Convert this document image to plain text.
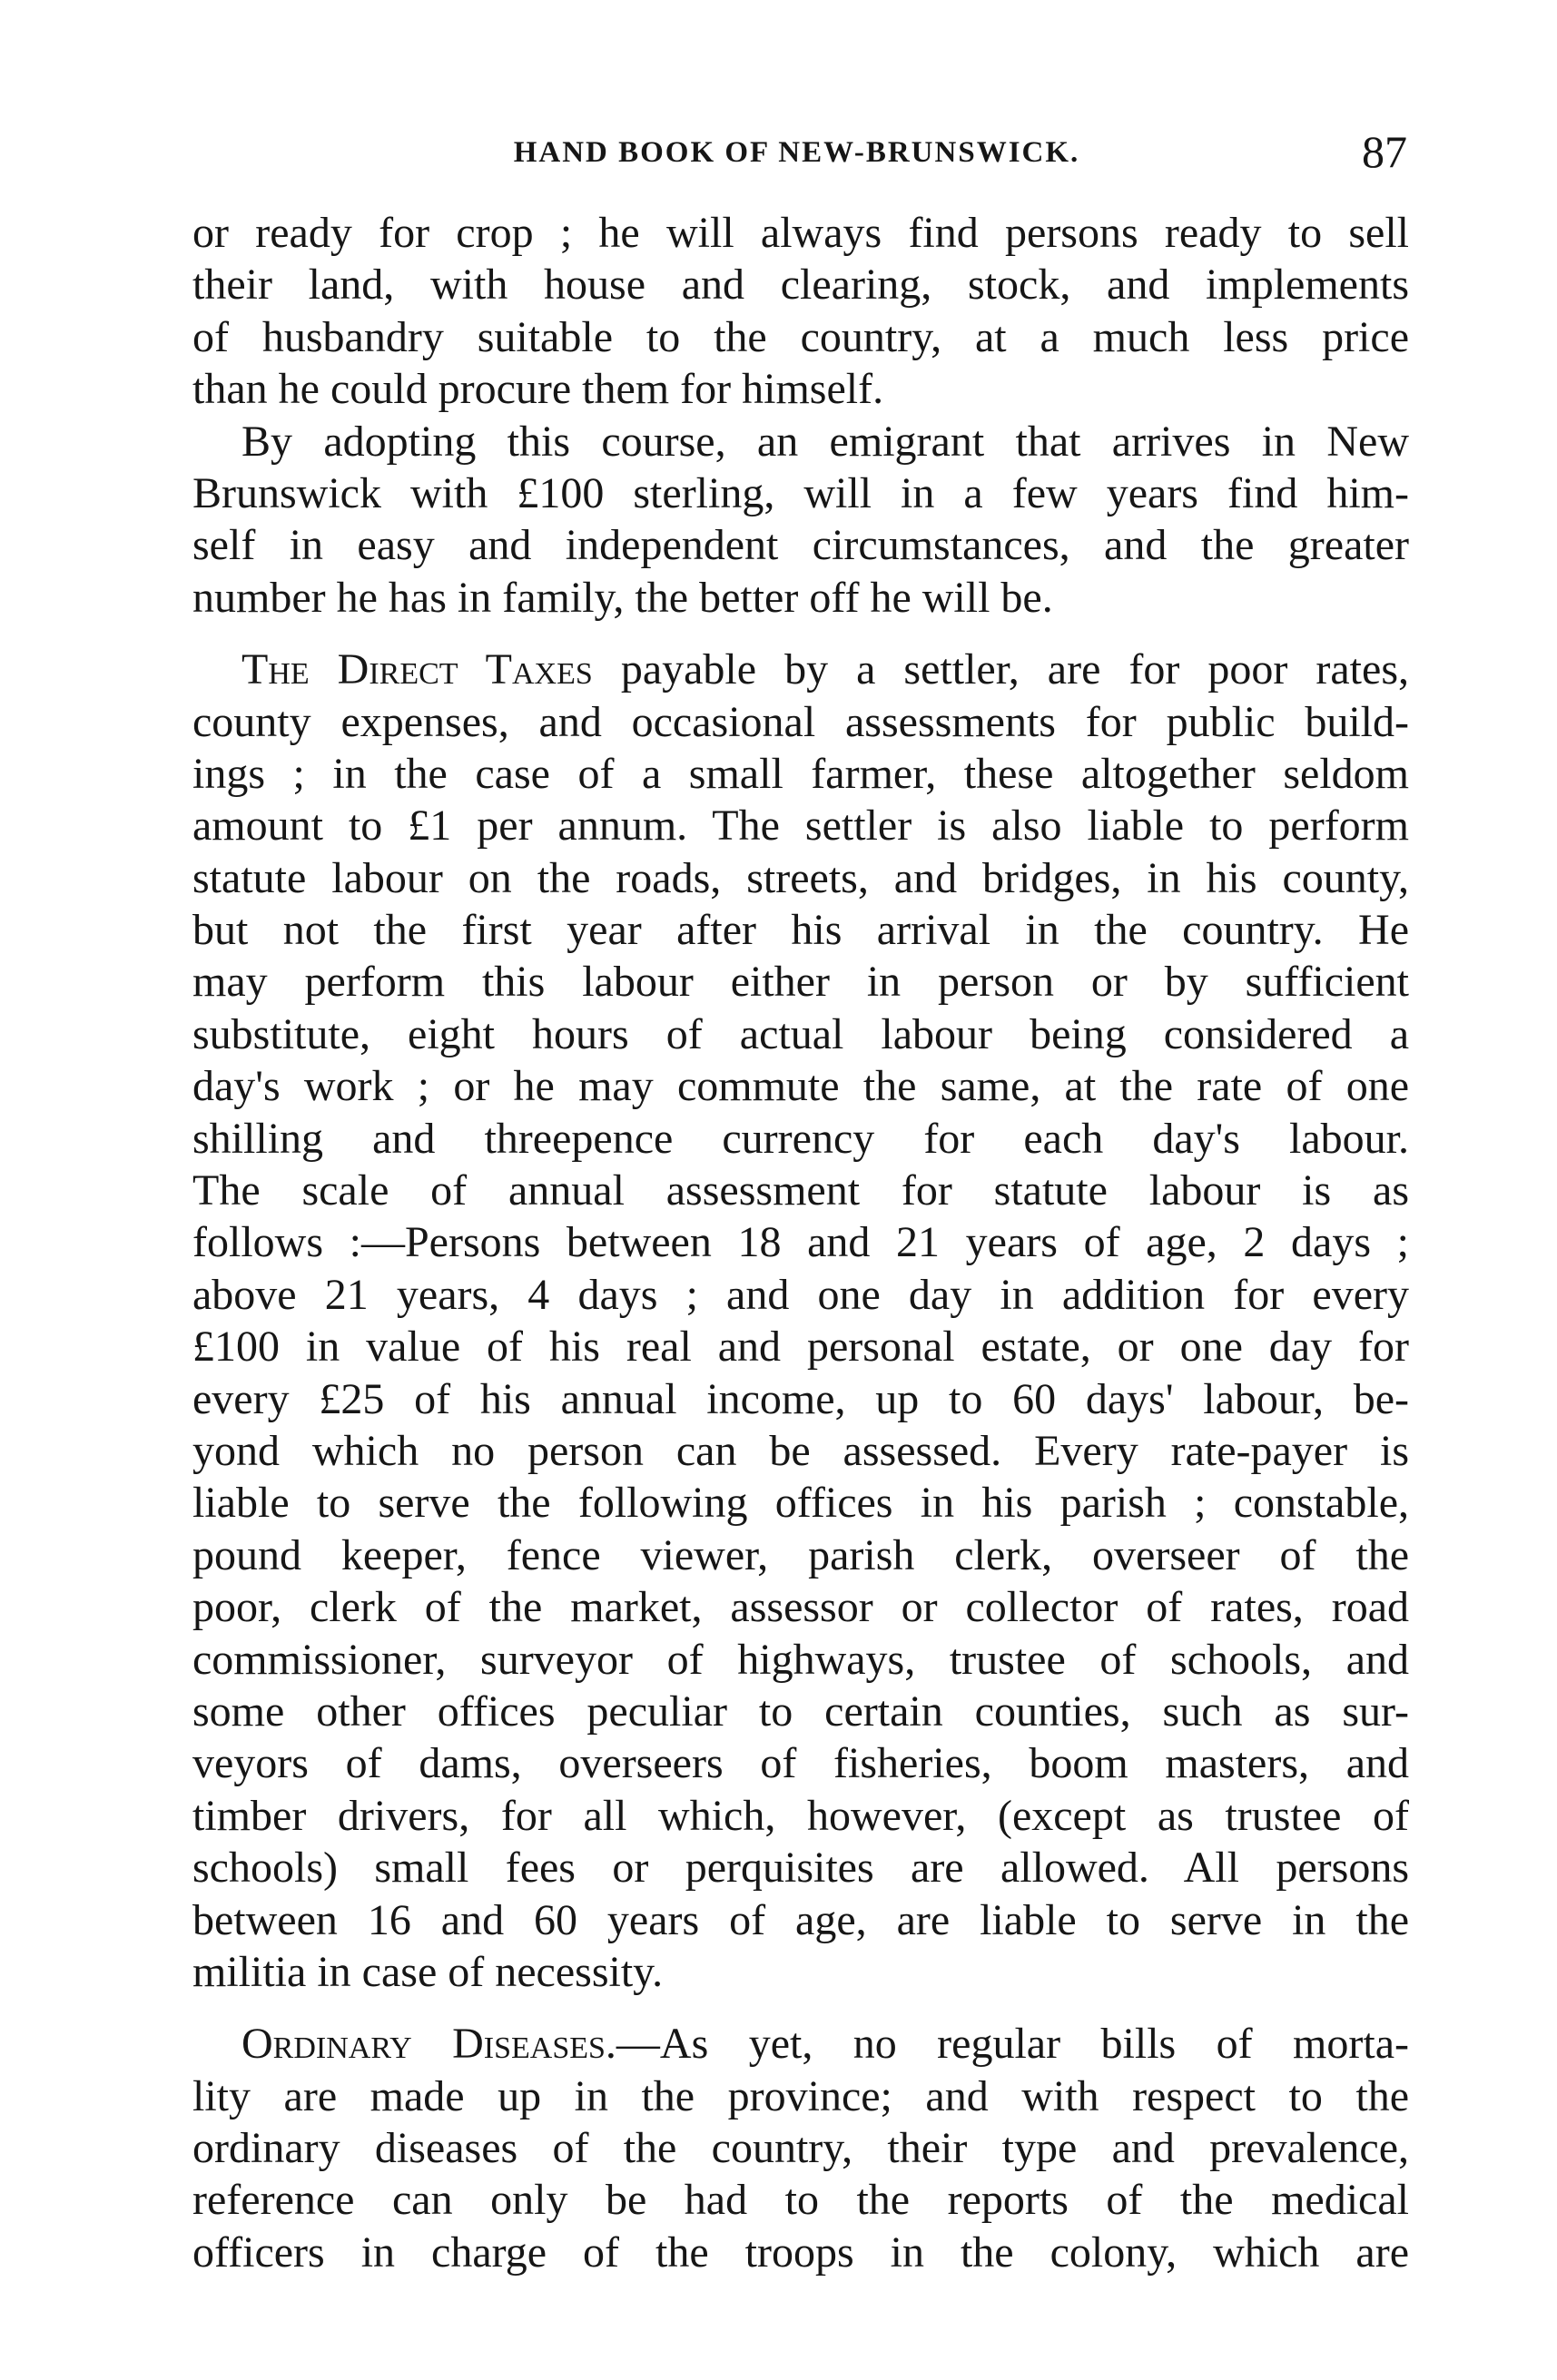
HAND BOOK OF NEW-BRUNSWICK.	87
or ready for crop ; he will always find persons ready to sell
their land, with house and clearing, stock, and implements
of husbandry suitable to the country, at a much less price
than he could procure them for himself.
By adopting this course, an emigrant that arrives in New
Brunswick with £100 sterling, will in a few years find him-
self in easy and independent circumstances, and the greater
number he has in family, the better off he will be.
The Direct Taxes payable by a settler, are for poor rates,
county expenses, and occasional assessments for public build-
ings ; in the case of a small farmer, these altogether seldom
amount to £1 per annum. The settler is also liable to perform
statute labour on the roads, streets, and bridges, in his county,
but not the first year after his arrival in the country. He
may perform this labour either in person or by sufficient
substitute, eight hours of actual labour being considered a
day's work ; or he may commute the same, at the rate of one
shilling and threepence currency for each day's labour.
The scale of annual assessment for statute labour is as
follows :—Persons between 18 and 21 years of age, 2 days ;
above 21 years, 4 days ; and one day in addition for every
£100 in value of his real and personal estate, or one day for
every £25 of his annual income, up to 60 days' labour, be-
yond which no person can be assessed. Every rate-payer is
liable to serve the following offices in his parish ; constable,
pound keeper, fence viewer, parish clerk, overseer of the
poor, clerk of the market, assessor or collector of rates, road
commissioner, surveyor of highways, trustee of schools, and
some other offices peculiar to certain counties, such as sur-
veyors of dams, overseers of fisheries, boom masters, and
timber drivers, for all which, however, (except as trustee of
schools) small fees or perquisites are allowed. All persons
between 16 and 60 years of age, are liable to serve in the
militia in case of necessity.
Ordinary Diseases.—As yet, no regular bills of morta-
lity are made up in the province; and with respect to the
ordinary diseases of the country, their type and prevalence,
reference can only be had to the reports of the medical
officers in charge of the troops in the colony, which are
